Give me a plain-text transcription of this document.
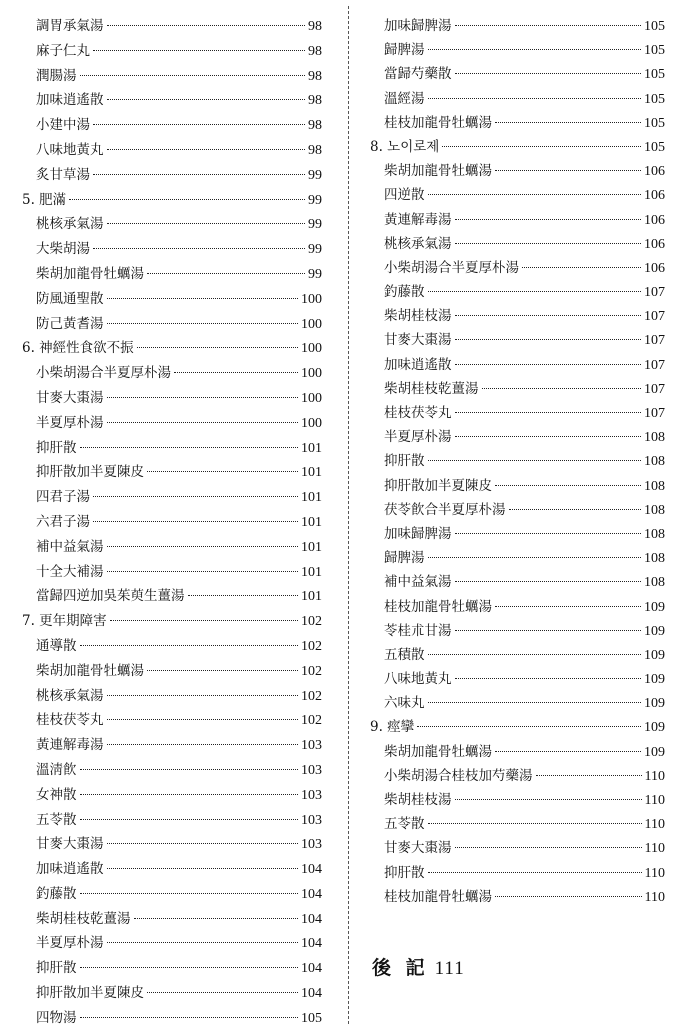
調胃承氣湯	98
麻子仁丸	98
潤腸湯	98
加味逍遙散	98
小建中湯	98
八味地黃丸	98
炙甘草湯	99
5. 肥滿	99
桃核承氣湯	99
大柴胡湯	99
柴胡加龍骨牡蠣湯	99
防風通聖散	100
防己黃耆湯	100
6. 神經性食欲不振	100
小柴胡湯合半夏厚朴湯	100
甘麥大棗湯	100
半夏厚朴湯	100
抑肝散	101
抑肝散加半夏陳皮	101
四君子湯	101
六君子湯	101
補中益氣湯	101
十全大補湯	101
當歸四逆加吳茱萸生薑湯	101
7. 更年期障害	102
通導散	102
柴胡加龍骨牡蠣湯	102
桃核承氣湯	102
桂枝茯苓丸	102
黃連解毒湯	103
溫淸飮	103
女神散	103
五苓散	103
甘麥大棗湯	103
加味逍遙散	104
釣藤散	104
柴胡桂枝乾薑湯	104
半夏厚朴湯	104
抑肝散	104
抑肝散加半夏陳皮	104
四物湯	105
加味歸脾湯	105
歸脾湯	105
當歸芍藥散	105
溫經湯	105
桂枝加龍骨牡蠣湯	105
8. 노이로제	105
柴胡加龍骨牡蠣湯	106
四逆散	106
黃連解毒湯	106
桃核承氣湯	106
小柴胡湯合半夏厚朴湯	106
釣藤散	107
柴胡桂枝湯	107
甘麥大棗湯	107
加味逍遙散	107
柴胡桂枝乾薑湯	107
桂枝茯苓丸	107
半夏厚朴湯	108
抑肝散	108
抑肝散加半夏陳皮	108
茯苓飮合半夏厚朴湯	108
加味歸脾湯	108
歸脾湯	108
補中益氣湯	108
桂枝加龍骨牡蠣湯	109
苓桂朮甘湯	109
五積散	109
八味地黃丸	109
六味丸	109
9. 痙攣	109
柴胡加龍骨牡蠣湯	109
小柴胡湯合桂枝加芍藥湯	110
柴胡桂枝湯	110
五苓散	110
甘麥大棗湯	110
抑肝散	110
桂枝加龍骨牡蠣湯	110
後 記 111
